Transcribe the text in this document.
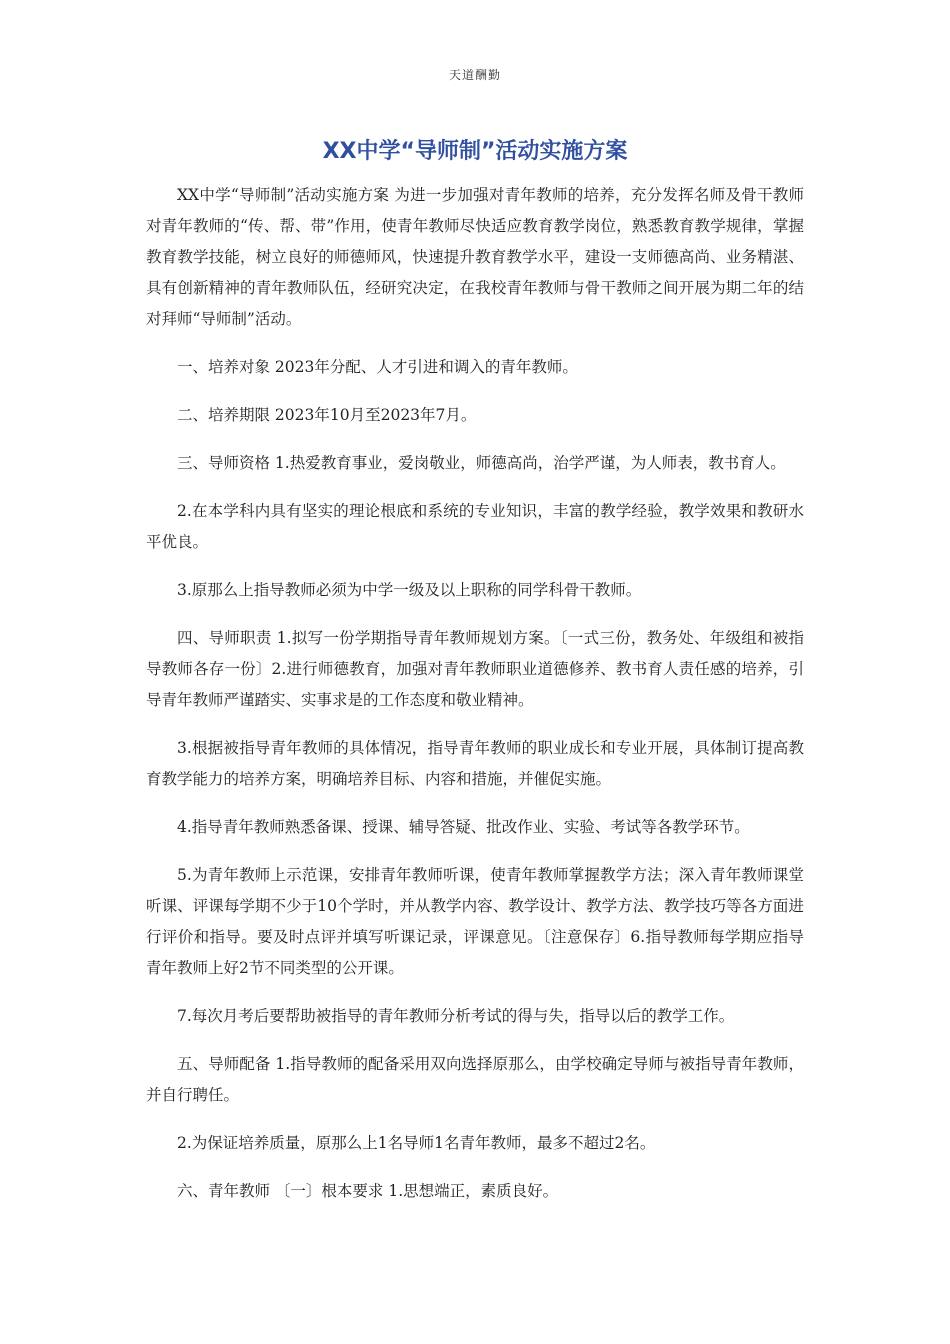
天道酬勤
XX中学“导师制”活动实施方案

XX中学“导师制”活动实施方案 为进一步加强对青年教师的培养，充分发挥名师及骨干教师对青年教师的“传、帮、带”作用，使青年教师尽快适应教育教学岗位，熟悉教育教学规律，掌握教育教学技能，树立良好的师德师风，快速提升教育教学水平，建设一支师德高尚、业务精湛、具有创新精神的青年教师队伍，经研究决定，在我校青年教师与骨干教师之间开展为期二年的结对拜师“导师制”活动。

一、培养对象 2023年分配、人才引进和调入的青年教师。

二、培养期限 2023年10月至2023年7月。

三、导师资格 1.热爱教育事业，爱岗敬业，师德高尚，治学严谨，为人师表，教书育人。

2.在本学科内具有坚实的理论根底和系统的专业知识，丰富的教学经验，教学效果和教研水平优良。

3.原那么上指导教师必须为中学一级及以上职称的同学科骨干教师。

四、导师职责 1.拟写一份学期指导青年教师规划方案。〔一式三份，教务处、年级组和被指导教师各存一份〕2.进行师德教育，加强对青年教师职业道德修养、教书育人责任感的培养，引导青年教师严谨踏实、实事求是的工作态度和敬业精神。

3.根据被指导青年教师的具体情况，指导青年教师的职业成长和专业开展，具体制订提高教育教学能力的培养方案，明确培养目标、内容和措施，并催促实施。

4.指导青年教师熟悉备课、授课、辅导答疑、批改作业、实验、考试等各教学环节。

5.为青年教师上示范课，安排青年教师听课，使青年教师掌握教学方法；深入青年教师课堂听课、评课每学期不少于10个学时，并从教学内容、教学设计、教学方法、教学技巧等各方面进行评价和指导。要及时点评并填写听课记录，评课意见。〔注意保存〕6.指导教师每学期应指导青年教师上好2节不同类型的公开课。

7.每次月考后要帮助被指导的青年教师分析考试的得与失，指导以后的教学工作。

五、导师配备 1.指导教师的配备采用双向选择原那么，由学校确定导师与被指导青年教师，并自行聘任。

2.为保证培养质量，原那么上1名导师1名青年教师，最多不超过2名。

六、青年教师 〔一〕根本要求 1.思想端正，素质良好。
